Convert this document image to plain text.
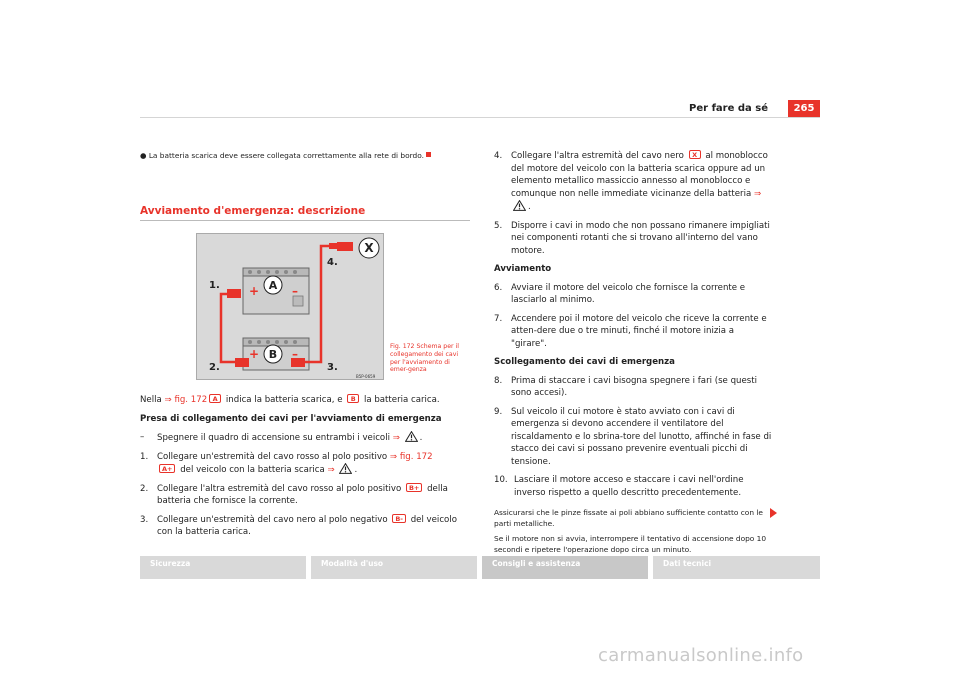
Per fare da sé	265
● La batteria scarica deve essere collegata correttamente alla rete di bordo.
Avviamento d'emergenza: descrizione
+	–
+	–
A
B
X
1.
2.	3.
4.
B5P-0659
Fig. 172 Schema per il collegamento dei cavi per l'avviamento di emer-genza
Nella ⇒ fig. 172 A indica la batteria scarica, e B la batteria carica.
Presa di collegamento dei cavi per l'avviamento di emergenza
– Spegnere il quadro di accensione su entrambi i veicoli ⇒ .
1. Collegare un'estremità del cavo rosso al polo positivo ⇒ fig. 172
A+ del veicolo con la batteria scarica ⇒ .
2. Collegare l'altra estremità del cavo rosso al polo positivo B+ della batteria che fornisce la corrente.
3. Collegare un'estremità del cavo nero al polo negativo B- del veicolo con la batteria carica.
4. Collegare l'altra estremità del cavo nero X al monoblocco del motore del veicolo con la batteria scarica oppure ad un elemento metallico massiccio annesso al monoblocco e comunque non nelle immediate vicinanze della batteria ⇒ .
5. Disporre i cavi in modo che non possano rimanere impigliati nei componenti rotanti che si trovano all'interno del vano motore.
Avviamento
6. Avviare il motore del veicolo che fornisce la corrente e lasciarlo al minimo.
7. Accendere poi il motore del veicolo che riceve la corrente e atten-dere due o tre minuti, finché il motore inizia a "girare".
Scollegamento dei cavi di emergenza
8. Prima di staccare i cavi bisogna spegnere i fari (se questi sono accesi).
9. Sul veicolo il cui motore è stato avviato con i cavi di emergenza si devono accendere il ventilatore del riscaldamento e lo sbrina-tore del lunotto, affinché in fase di stacco dei cavi si possano prevenire eventuali picchi di tensione.
10. Lasciare il motore acceso e staccare i cavi nell'ordine inverso rispetto a quello descritto precedentemente.
Assicurarsi che le pinze fissate ai poli abbiano sufficiente contatto con le parti metalliche.
Se il motore non si avvia, interrompere il tentativo di accensione dopo 10 secondi e ripetere l'operazione dopo circa un minuto.
Sicurezza	Modalità d'uso	Consigli e assistenza	Dati tecnici
carmanualsonline.info
